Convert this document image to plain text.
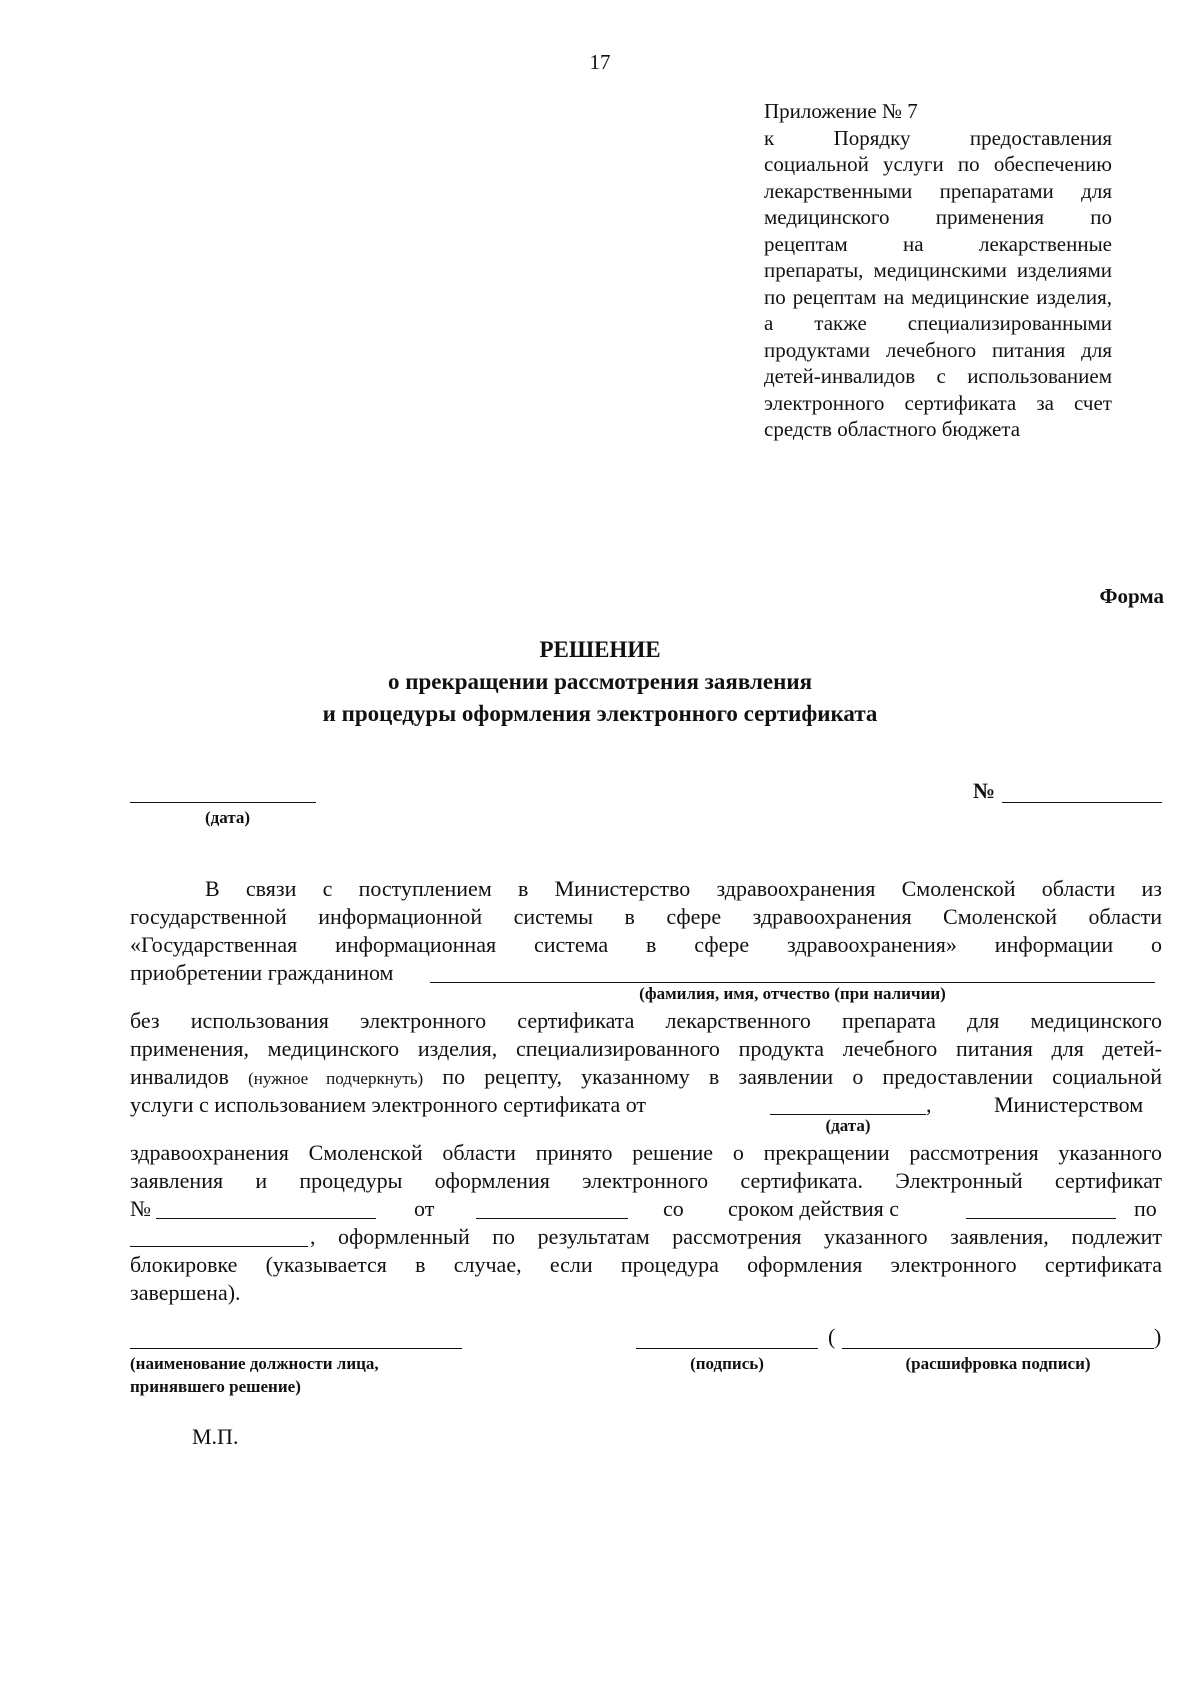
17
Приложение № 7
к Порядку предоставления социальной услуги по обеспечению лекарственными препаратами для медицинского применения по рецептам на лекарственные препараты, медицинскими изделиями по рецептам на медицинские изделия, а также специализированными продуктами лечебного питания для детей-инвалидов с использованием электронного сертификата за счет средств областного бюджета
Форма
РЕШЕНИЕ
о прекращении рассмотрения заявления
и процедуры оформления электронного сертификата
(дата)
№
В связи с поступлением в Министерство здравоохранения Смоленской области из
государственной информационной системы в сфере здравоохранения Смоленской области
«Государственная информационная система в сфере здравоохранения» информации о
приобретении гражданином
(фамилия, имя, отчество (при наличии)
без использования электронного сертификата лекарственного препарата для медицинского
применения, медицинского изделия, специализированного продукта лечебного питания для детей-
инвалидов (нужное подчеркнуть) по рецепту, указанному в заявлении о предоставлении социальной
услуги с использованием электронного сертификата от	,	Министерством
(дата)
здравоохранения Смоленской области принято решение о прекращении рассмотрения указанного
заявления и процедуры оформления электронного сертификата. Электронный сертификат
№	от	со сроком действия с	по
, оформленный по результатам рассмотрения указанного заявления, подлежит
блокировке (указывается в случае, если процедура оформления электронного сертификата
завершена).
(наименование должности лица,
принявшего решение)
(подпись)
(	)
(расшифровка подписи)
М.П.
